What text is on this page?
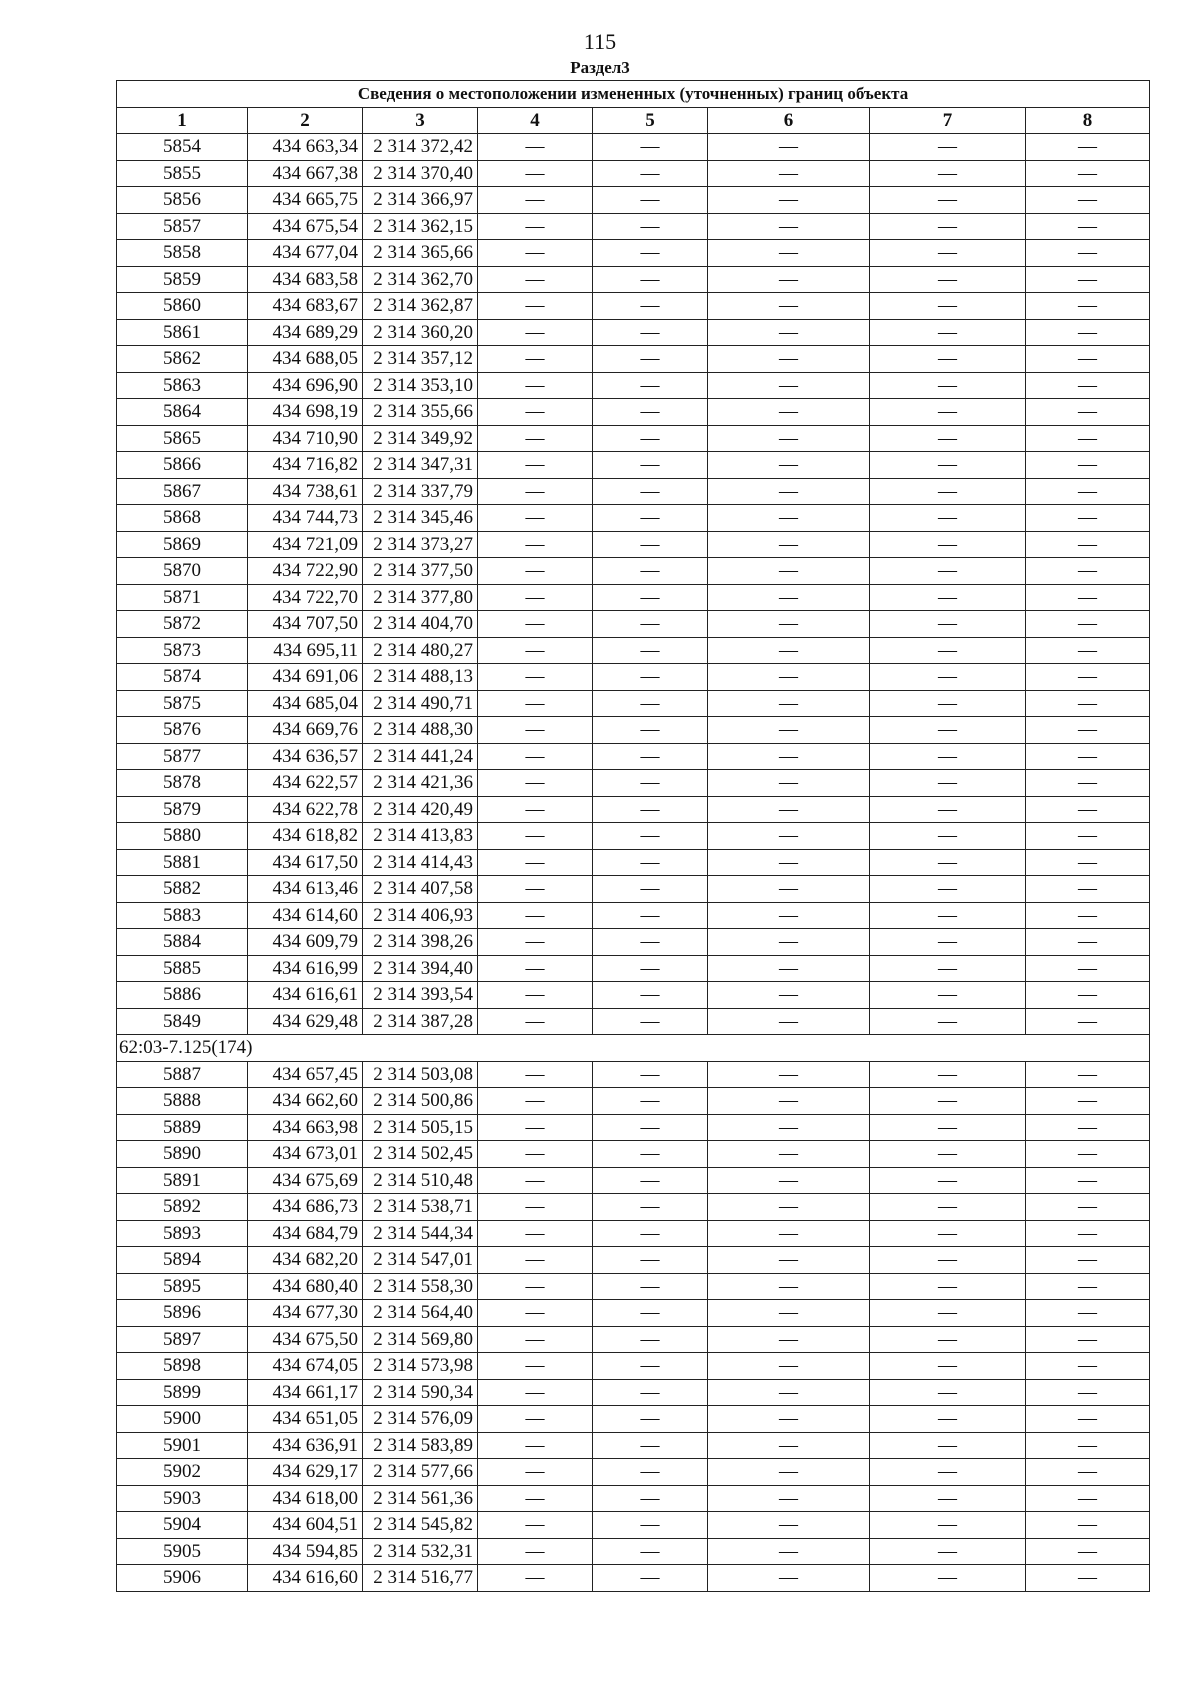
115
Раздел3
Сведения о местоположении измененных (уточненных) границ объекта							
1	2	3	4	5	6	7	8
5854	434 663,34	2 314 372,42	—	—	—	—	—
5855	434 667,38	2 314 370,40	—	—	—	—	—
5856	434 665,75	2 314 366,97	—	—	—	—	—
5857	434 675,54	2 314 362,15	—	—	—	—	—
5858	434 677,04	2 314 365,66	—	—	—	—	—
5859	434 683,58	2 314 362,70	—	—	—	—	—
5860	434 683,67	2 314 362,87	—	—	—	—	—
5861	434 689,29	2 314 360,20	—	—	—	—	—
5862	434 688,05	2 314 357,12	—	—	—	—	—
5863	434 696,90	2 314 353,10	—	—	—	—	—
5864	434 698,19	2 314 355,66	—	—	—	—	—
5865	434 710,90	2 314 349,92	—	—	—	—	—
5866	434 716,82	2 314 347,31	—	—	—	—	—
5867	434 738,61	2 314 337,79	—	—	—	—	—
5868	434 744,73	2 314 345,46	—	—	—	—	—
5869	434 721,09	2 314 373,27	—	—	—	—	—
5870	434 722,90	2 314 377,50	—	—	—	—	—
5871	434 722,70	2 314 377,80	—	—	—	—	—
5872	434 707,50	2 314 404,70	—	—	—	—	—
5873	434 695,11	2 314 480,27	—	—	—	—	—
5874	434 691,06	2 314 488,13	—	—	—	—	—
5875	434 685,04	2 314 490,71	—	—	—	—	—
5876	434 669,76	2 314 488,30	—	—	—	—	—
5877	434 636,57	2 314 441,24	—	—	—	—	—
5878	434 622,57	2 314 421,36	—	—	—	—	—
5879	434 622,78	2 314 420,49	—	—	—	—	—
5880	434 618,82	2 314 413,83	—	—	—	—	—
5881	434 617,50	2 314 414,43	—	—	—	—	—
5882	434 613,46	2 314 407,58	—	—	—	—	—
5883	434 614,60	2 314 406,93	—	—	—	—	—
5884	434 609,79	2 314 398,26	—	—	—	—	—
5885	434 616,99	2 314 394,40	—	—	—	—	—
5886	434 616,61	2 314 393,54	—	—	—	—	—
5849	434 629,48	2 314 387,28	—	—	—	—	—
62:03-7.125(174)							
5887	434 657,45	2 314 503,08	—	—	—	—	—
5888	434 662,60	2 314 500,86	—	—	—	—	—
5889	434 663,98	2 314 505,15	—	—	—	—	—
5890	434 673,01	2 314 502,45	—	—	—	—	—
5891	434 675,69	2 314 510,48	—	—	—	—	—
5892	434 686,73	2 314 538,71	—	—	—	—	—
5893	434 684,79	2 314 544,34	—	—	—	—	—
5894	434 682,20	2 314 547,01	—	—	—	—	—
5895	434 680,40	2 314 558,30	—	—	—	—	—
5896	434 677,30	2 314 564,40	—	—	—	—	—
5897	434 675,50	2 314 569,80	—	—	—	—	—
5898	434 674,05	2 314 573,98	—	—	—	—	—
5899	434 661,17	2 314 590,34	—	—	—	—	—
5900	434 651,05	2 314 576,09	—	—	—	—	—
5901	434 636,91	2 314 583,89	—	—	—	—	—
5902	434 629,17	2 314 577,66	—	—	—	—	—
5903	434 618,00	2 314 561,36	—	—	—	—	—
5904	434 604,51	2 314 545,82	—	—	—	—	—
5905	434 594,85	2 314 532,31	—	—	—	—	—
5906	434 616,60	2 314 516,77	—	—	—	—	—
